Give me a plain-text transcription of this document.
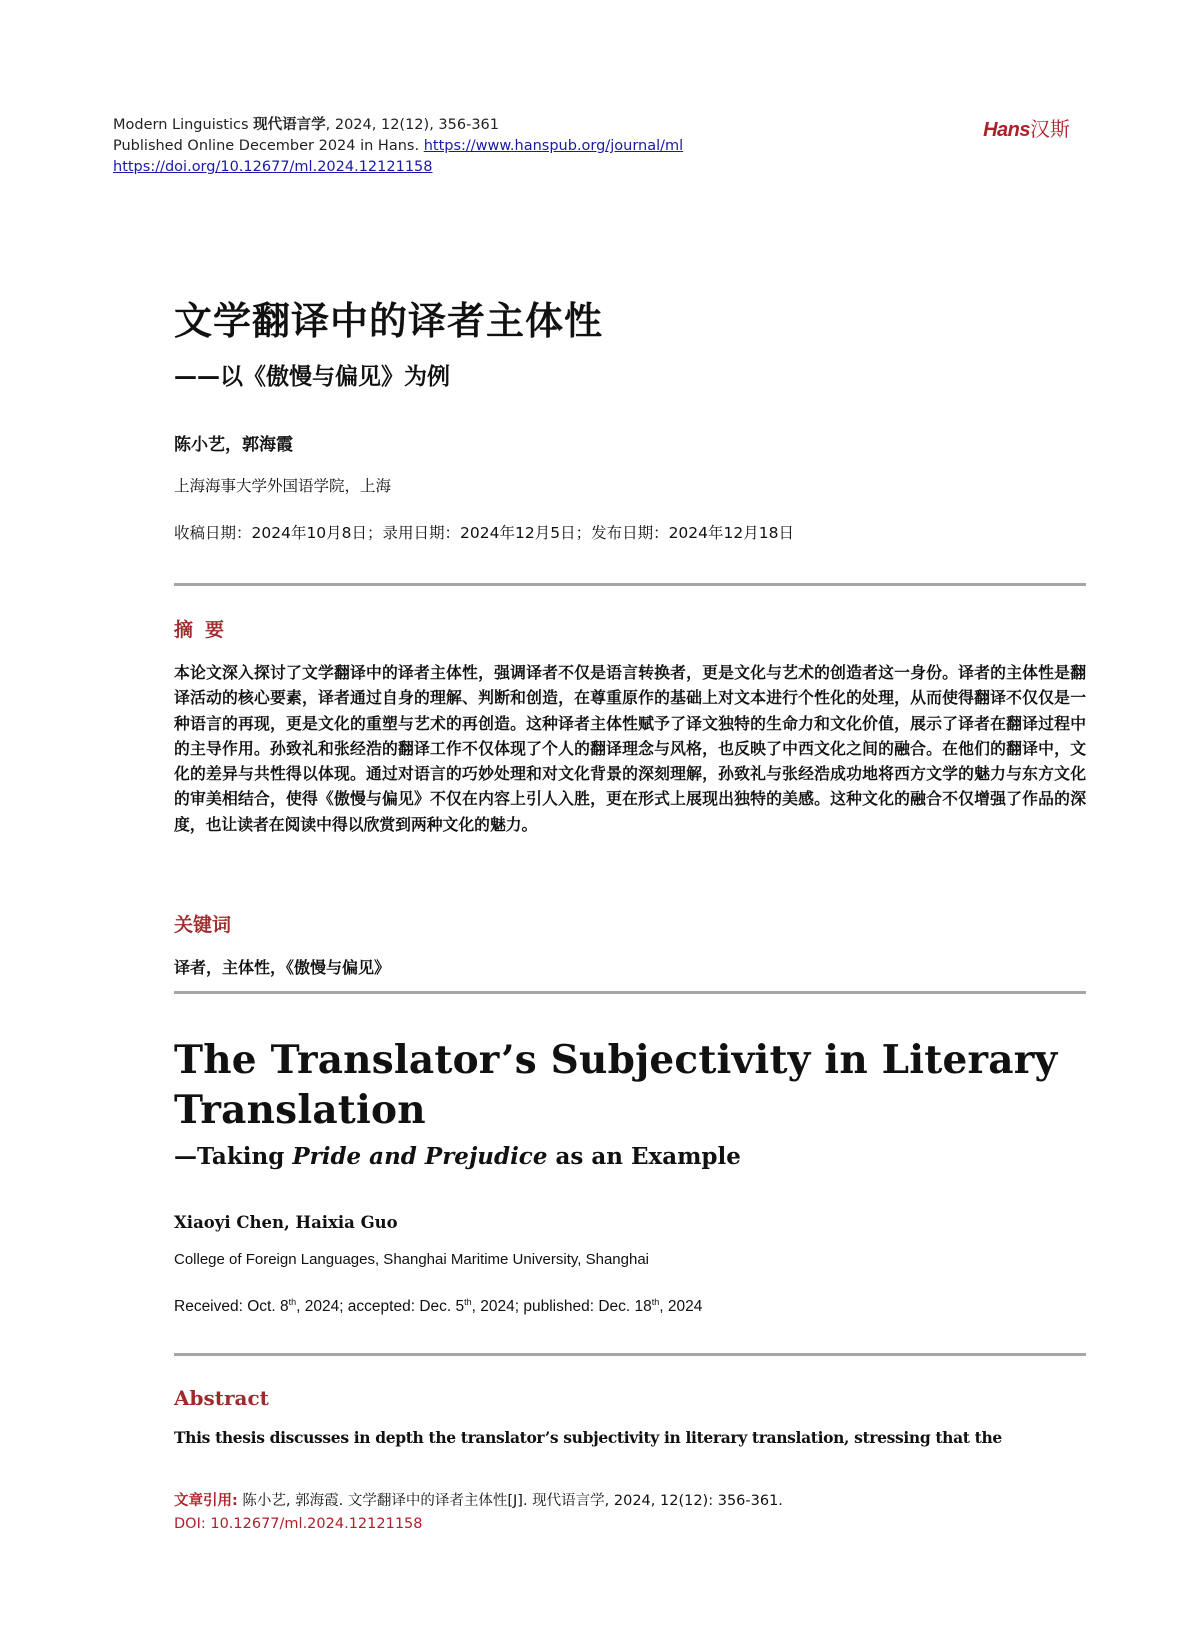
Modern Linguistics 现代语言学, 2024, 12(12), 356-361
Published Online December 2024 in Hans. https://www.hanspub.org/journal/ml
https://doi.org/10.12677/ml.2024.12121158
Hans汉斯
文学翻译中的译者主体性
——以《傲慢与偏见》为例
陈小艺，郭海霞
上海海事大学外国语学院，上海
收稿日期：2024年10月8日；录用日期：2024年12月5日；发布日期：2024年12月18日
摘要
本论文深入探讨了文学翻译中的译者主体性，强调译者不仅是语言转换者，更是文化与艺术的创造者这一身份。译者的主体性是翻译活动的核心要素，译者通过自身的理解、判断和创造，在尊重原作的基础上对文本进行个性化的处理，从而使得翻译不仅仅是一种语言的再现，更是文化的重塑与艺术的再创造。这种译者主体性赋予了译文独特的生命力和文化价值，展示了译者在翻译过程中的主导作用。孙致礼和张经浩的翻译工作不仅体现了个人的翻译理念与风格，也反映了中西文化之间的融合。在他们的翻译中，文化的差异与共性得以体现。通过对语言的巧妙处理和对文化背景的深刻理解，孙致礼与张经浩成功地将西方文学的魅力与东方文化的审美相结合，使得《傲慢与偏见》不仅在内容上引人入胜，更在形式上展现出独特的美感。这种文化的融合不仅增强了作品的深度，也让读者在阅读中得以欣赏到两种文化的魅力。
关键词
译者，主体性，《傲慢与偏见》
The Translator’s Subjectivity in Literary Translation
—Taking Pride and Prejudice as an Example
Xiaoyi Chen, Haixia Guo
College of Foreign Languages, Shanghai Maritime University, Shanghai
Received: Oct. 8th, 2024; accepted: Dec. 5th, 2024; published: Dec. 18th, 2024
Abstract
This thesis discusses in depth the translator’s subjectivity in literary translation, stressing that the
文章引用: 陈小艺, 郭海霞. 文学翻译中的译者主体性[J]. 现代语言学, 2024, 12(12): 356-361.
DOI: 10.12677/ml.2024.12121158
